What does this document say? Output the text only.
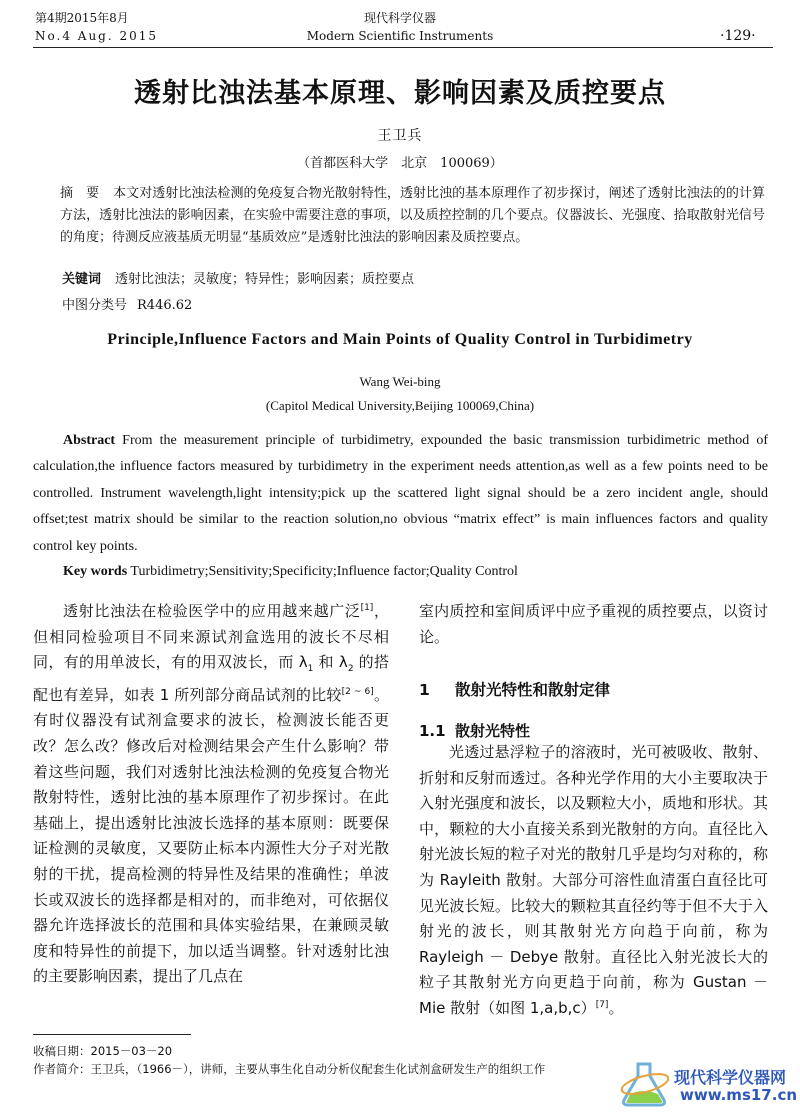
第4期2015年8月
No.4 Aug. 2015
现代科学仪器
Modern Scientific Instruments	·129·
透射比浊法基本原理、影响因素及质控要点
王卫兵
（首都医科大学　北京　100069）
摘　要 本文对透射比浊法检测的免疫复合物光散射特性，透射比浊的基本原理作了初步探讨，阐述了透射比浊法的的计算方法，透射比浊法的影响因素，在实验中需要注意的事项，以及质控控制的几个要点。仪器波长、光强度、拾取散射光信号的角度；待测反应液基质无明显“基质效应”是透射比浊法的影响因素及质控要点。
关键词 透射比浊法；灵敏度；特异性；影响因素；质控要点
中图分类号 R446.62
Principle,Influence Factors and Main Points of Quality Control in Turbidimetry
Wang Wei-bing
(Capitol Medical University,Beijing 100069,China)
Abstract From the measurement principle of turbidimetry, expounded the basic transmission turbidimetric method of calculation,the influence factors measured by turbidimetry in the experiment needs attention,as well as a few points need to be controlled. Instrument wavelength,light intensity;pick up the scattered light signal should be a zero incident angle, should offset;test matrix should be similar to the reaction solution,no obvious “matrix effect” is main influences factors and quality control key points.
Key words Turbidimetry;Sensitivity;Specificity;Influence factor;Quality Control
透射比浊法在检验医学中的应用越来越广泛[1]，但相同检验项目不同来源试剂盒选用的波长不尽相同，有的用单波长，有的用双波长，而 $\lambda_1$ 和 $\lambda_2$ 的搭配也有差异，如表 1 所列部分商品试剂的比较[2 ~ 6]。有时仪器没有试剂盒要求的波长，检测波长能否更改？怎么改？修改后对检测结果会产生什么影响？带着这些问题，我们对透射比浊法检测的免疫复合物光散射特性，透射比浊的基本原理作了初步探讨。在此基础上，提出透射比浊波长选择的基本原则：既要保证检测的灵敏度，又要防止标本内源性大分子对光散射的干扰，提高检测的特异性及结果的准确性；单波长或双波长的选择都是相对的，而非绝对，可依据仪器允许选择波长的范围和具体实验结果，在兼顾灵敏度和特异性的前提下，加以适当调整。针对透射比浊的主要影响因素，提出了几点在
室内质控和室间质评中应予重视的质控要点，以资讨论。
1 散射光特性和散射定律
1.1 散射光特性
光透过悬浮粒子的溶液时，光可被吸收、散射、折射和反射而透过。各种光学作用的大小主要取决于入射光强度和波长，以及颗粒大小，质地和形状。其中，颗粒的大小直接关系到光散射的方向。直径比入射光波长短的粒子对光的散射几乎是均匀对称的，称为 Rayleith 散射。大部分可溶性血清蛋白直径比可见光波长短。比较大的颗粒其直径约等于但不大于入射光的波长，则其散射光方向趋于向前，称为 Rayleigh － Debye 散射。直径比入射光波长大的粒子其散射光方向更趋于向前，称为 Gustan － Mie 散射（如图 1,a,b,c）[7]。
收稿日期：2015－03－20
作者简介：王卫兵，（1966－），讲师，主要从事生化自动分析仪配套生化试剂盒研发生产的组织工作	现代科学仪器网
www.ms17.cn
